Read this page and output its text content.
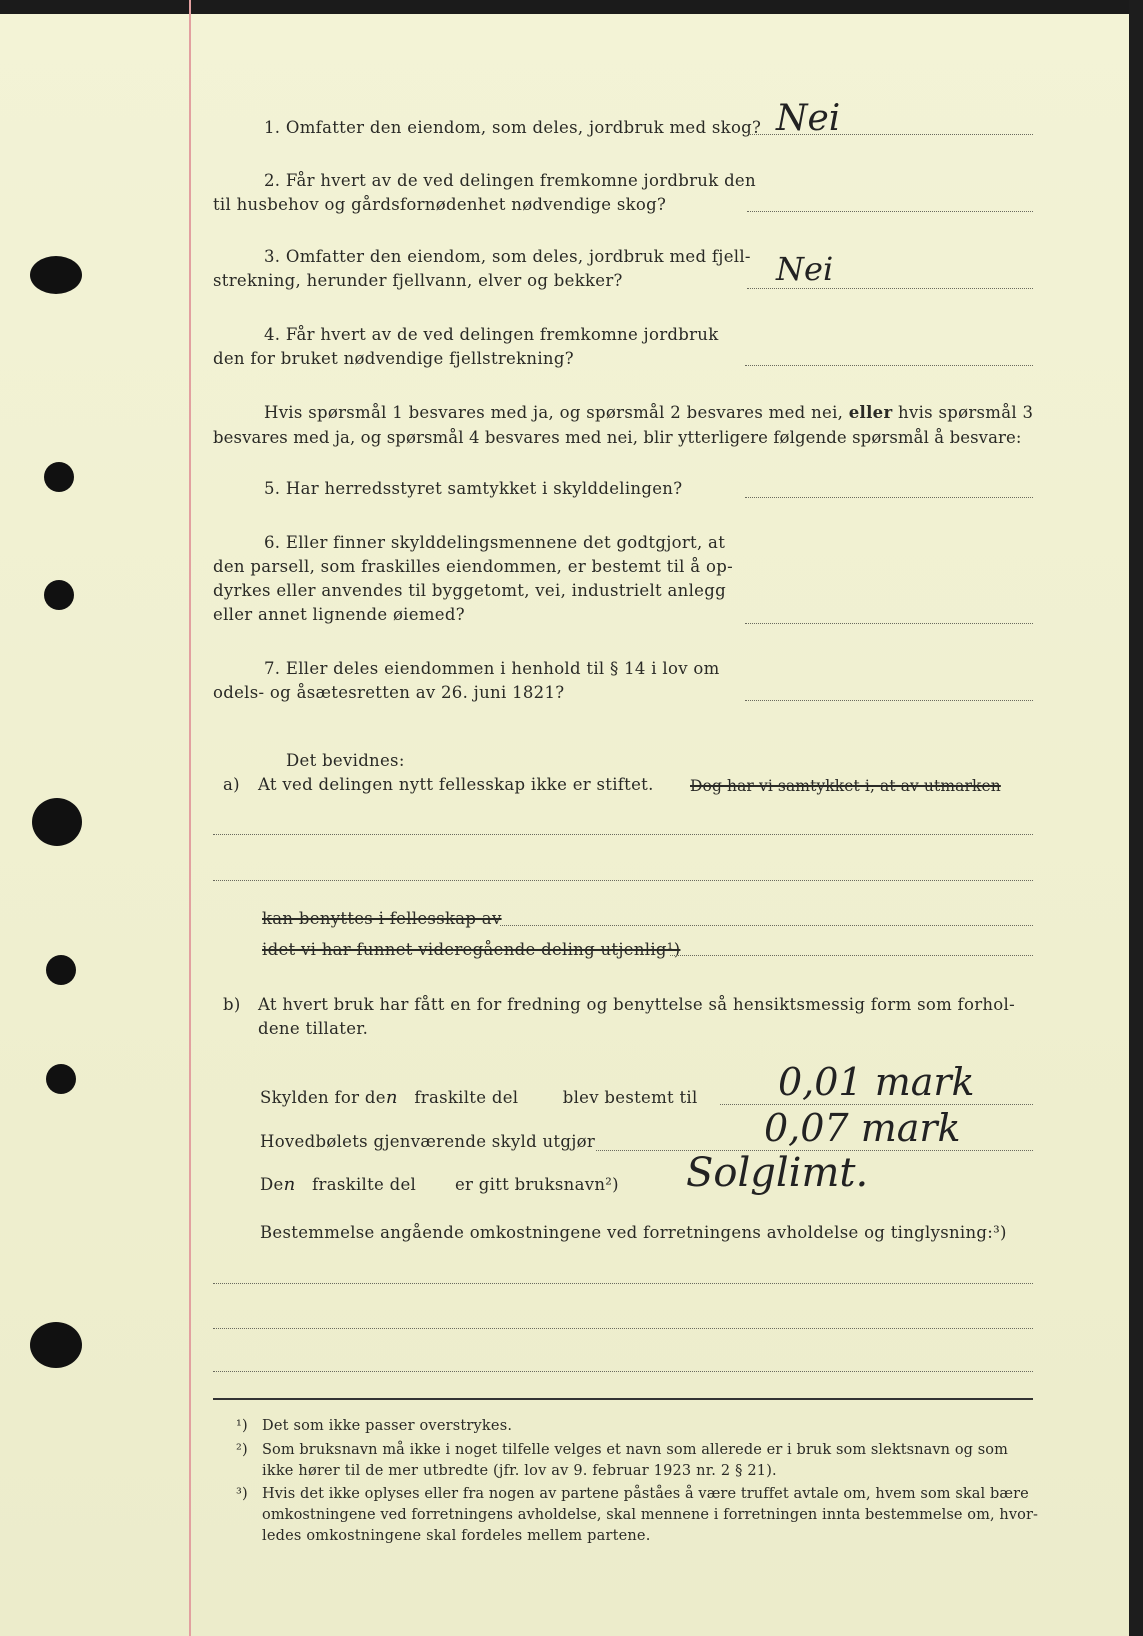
1. Omfatter den eiendom, som deles, jordbruk med skog? Nei
2. Får hvert av de ved delingen fremkomne jordbruk den
til husbehov og gårdsfornødenhet nødvendige skog?
3. Omfatter den eiendom, som deles, jordbruk med fjell-
strekning, herunder fjellvann, elver og bekker?	Nei
4. Får hvert av de ved delingen fremkomne jordbruk
den for bruket nødvendige fjellstrekning?
Hvis spørsmål 1 besvares med ja, og spørsmål 2 besvares med nei, eller hvis spørsmål 3
besvares med ja, og spørsmål 4 besvares med nei, blir ytterligere følgende spørsmål å besvare:
5. Har herredsstyret samtykket i skylddelingen?
6. Eller finner skylddelingsmennene det godtgjort, at
den parsell, som fraskilles eiendommen, er bestemt til å op-
dyrkes eller anvendes til byggetomt, vei, industrielt anlegg
eller annet lignende øiemed?
7. Eller deles eiendommen i henhold til § 14 i lov om
odels- og åsætesretten av 26. juni 1821?
Det bevidnes:
a) At ved delingen nytt fellesskap ikke er stiftet. Dog har vi samtykket i, at av utmarken
kan benyttes i fellesskap av
idet vi har funnet videregående deling utjenlig¹)
b) At hvert bruk har fått en for fredning og benyttelse så hensiktsmessig form som forhol-
dene tillater.
Skylden for den fraskilte del	blev bestemt til 0,01 mark
Hovedbølets gjenværende skyld utgjør	0,07 mark
Den fraskilte del er gitt bruksnavn²) Solglimt.
Bestemmelse angående omkostningene ved forretningens avholdelse og tinglysning:³)
¹) Det som ikke passer overstrykes.
²) Som bruksnavn må ikke i noget tilfelle velges et navn som allerede er i bruk som slektsnavn og som
ikke hører til de mer utbredte (jfr. lov av 9. februar 1923 nr. 2 § 21).
³) Hvis det ikke oplyses eller fra nogen av partene påståes å være truffet avtale om, hvem som skal bære
omkostningene ved forretningens avholdelse, skal mennene i forretningen innta bestemmelse om, hvor-
ledes omkostningene skal fordeles mellem partene.
